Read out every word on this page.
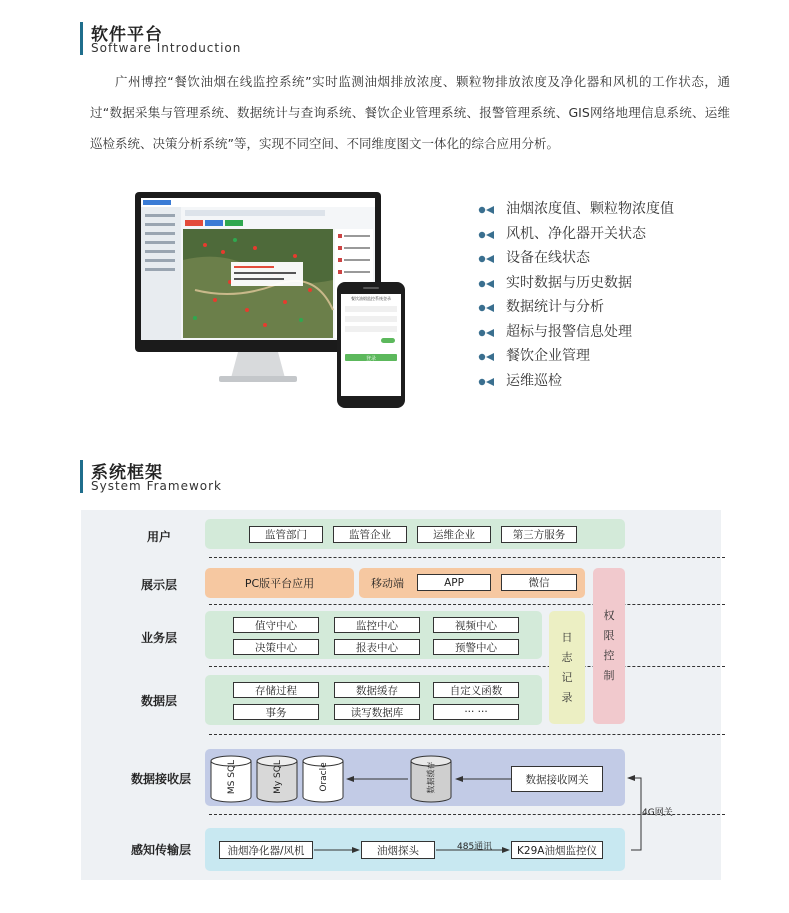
软件平台
Software Introduction
广州博控“餐饮油烟在线监控系统”实时监测油烟排放浓度、颗粒物排放浓度及净化器和风机的工作状态，通过“数据采集与管理系统、数据统计与查询系统、餐饮企业管理系统、报警管理系统、GIS网络地理信息系统、运维巡检系统、决策分析系统”等，实现不同空间、不同维度图文一体化的综合应用分析。
餐饮油烟监控系统登录
登录
油烟浓度值、颗粒物浓度值
风机、净化器开关状态
设备在线状态
实时数据与历史数据
数据统计与分析
超标与报警信息处理
餐饮企业管理
运维巡检
系统框架
System Framework
用户
展示层
业务层
数据层
数据接收层
感知传输层
监管部门	监管企业	运维企业	第三方服务
PC版平台应用	移动端	APP	微信
权
限
控
制
值守中心	监控中心	视频中心
决策中心	报表中心	预警中心
日
志
记
录
存储过程	数据缓存	自定义函数
事务	读写数据库	··· ···
MS SQL	My SQL	Oracle	数据缓存	数据接收网关
油烟净化器/风机	油烟探头	K29A油烟监控仪
485通讯
4G网关
